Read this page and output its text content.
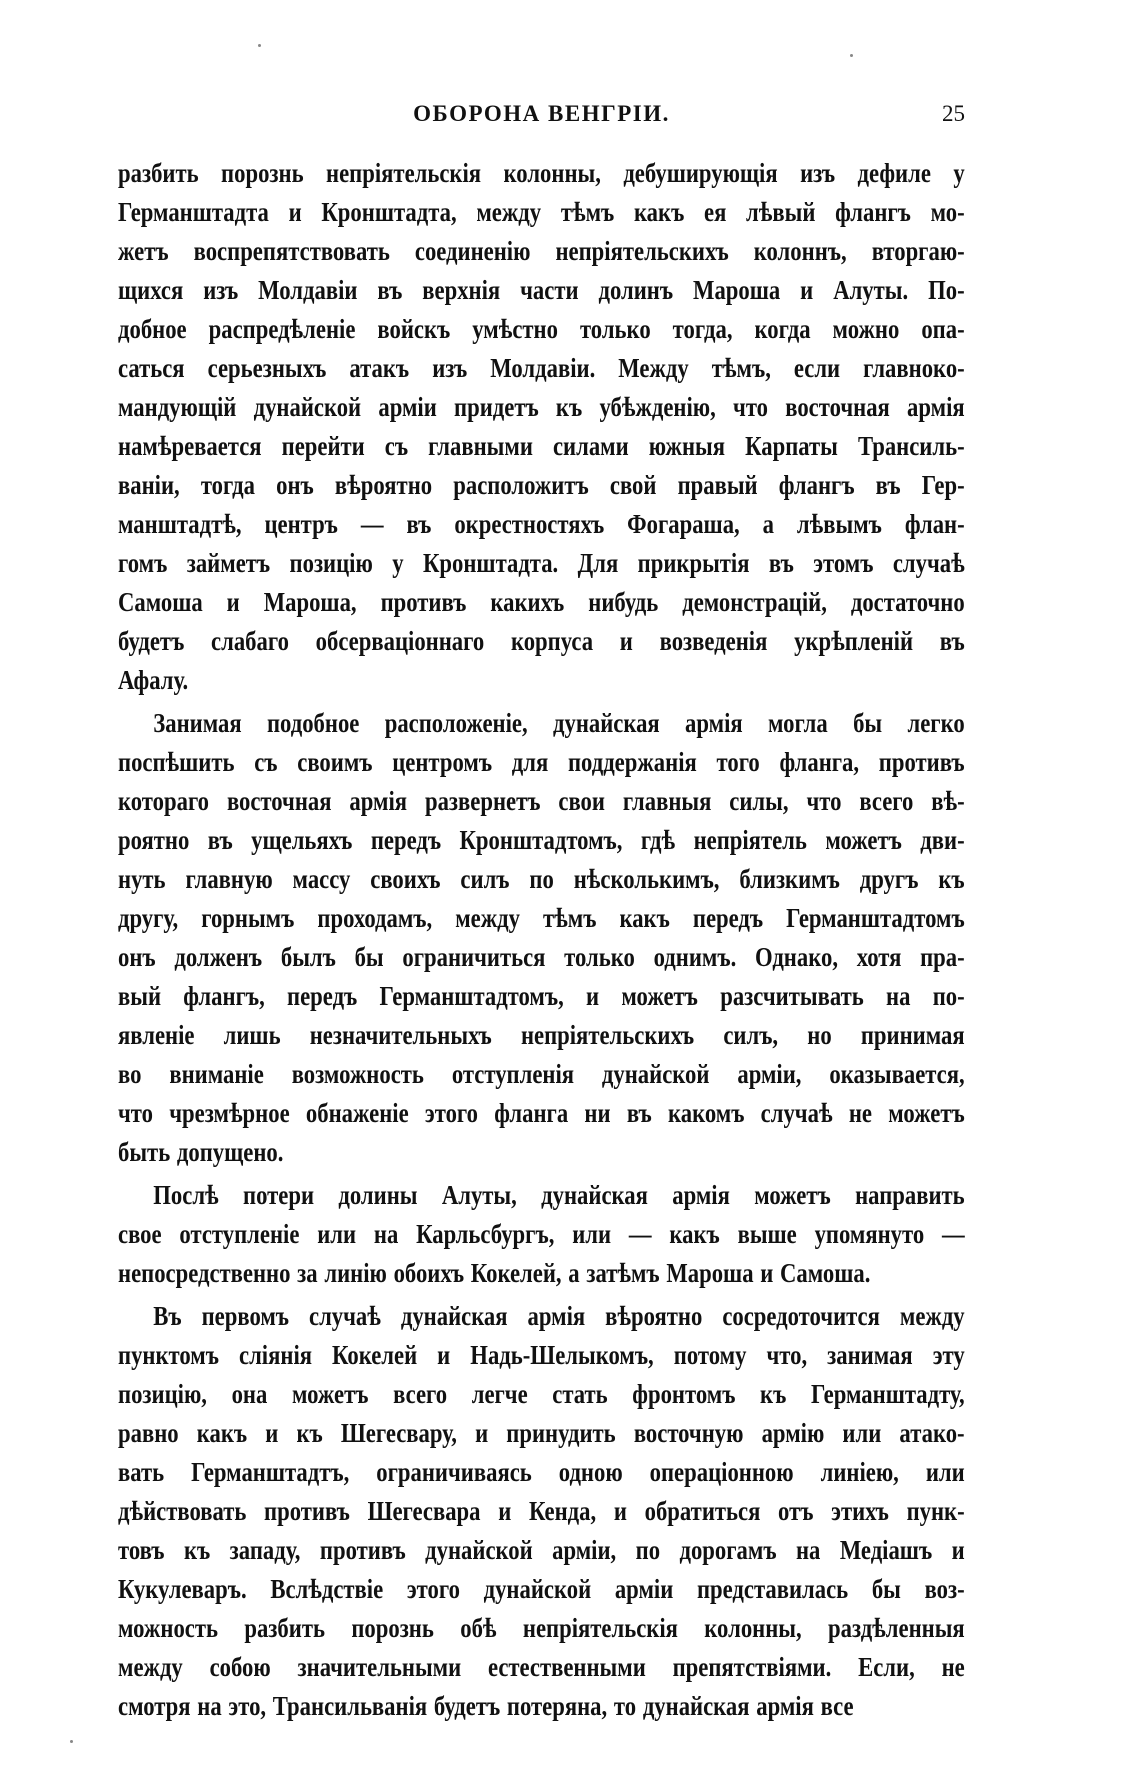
ОБОРОНА ВЕНГРІИ.	25
разбить порознь непріятельскія колонны, дебуширующія изъ дефиле у
Германштадта и Кронштадта, между тѣмъ какъ ея лѣвый флангъ мо-
жетъ воспрепятствовать соединенію непріятельскихъ колоннъ, вторгаю-
щихся изъ Молдавіи въ верхнія части долинъ Мароша и Алуты. По-
добное распредѣленіе войскъ умѣстно только тогда, когда можно опа-
саться серьезныхъ атакъ изъ Молдавіи. Между тѣмъ, если главноко-
мандующій дунайской арміи придетъ къ убѣжденію, что восточная армія
намѣревается перейти съ главными силами южныя Карпаты Трансиль-
ваніи, тогда онъ вѣроятно расположитъ свой правый флангъ въ Гер-
манштадтѣ, центръ — въ окрестностяхъ Фогараша, а лѣвымъ флан-
гомъ займетъ позицію у Кронштадта. Для прикрытія въ этомъ случаѣ
Самоша и Мароша, противъ какихъ нибудь демонстрацій, достаточно
будетъ слабаго обсерваціоннаго корпуса и возведенія укрѣпленій въ
Афалу.
Занимая подобное расположеніе, дунайская армія могла бы легко
поспѣшить съ своимъ центромъ для поддержанія того фланга, противъ
котораго восточная армія развернетъ свои главныя силы, что всего вѣ-
роятно въ ущельяхъ передъ Кронштадтомъ, гдѣ непріятель можетъ дви-
нуть главную массу своихъ силъ по нѣсколькимъ, близкимъ другъ къ
другу, горнымъ проходамъ, между тѣмъ какъ передъ Германштадтомъ
онъ долженъ былъ бы ограничиться только однимъ. Однако, хотя пра-
вый флангъ, передъ Германштадтомъ, и можетъ разсчитывать на по-
явленіе лишь незначительныхъ непріятельскихъ силъ, но принимая
во вниманіе возможность отступленія дунайской арміи, оказывается,
что чрезмѣрное обнаженіе этого фланга ни въ какомъ случаѣ не можетъ
быть допущено.
Послѣ потери долины Алуты, дунайская армія можетъ направить
свое отступленіе или на Карльсбургъ, или — какъ выше упомянуто —
непосредственно за линію обоихъ Кокелей, а затѣмъ Мароша и Самоша.
Въ первомъ случаѣ дунайская армія вѣроятно сосредоточится между
пунктомъ сліянія Кокелей и Надь-Шелыкомъ, потому что, занимая эту
позицію, она можетъ всего легче стать фронтомъ къ Германштадту,
равно какъ и къ Шегесвару, и принудить восточную армію или атако-
вать Германштадтъ, ограничиваясь одною операціонною линіею, или
дѣйствовать противъ Шегесвара и Кенда, и обратиться отъ этихъ пунк-
товъ къ западу, противъ дунайской арміи, по дорогамъ на Медіашъ и
Кукулеваръ. Вслѣдствіе этого дунайской арміи представилась бы воз-
можность разбить порознь обѣ непріятельскія колонны, раздѣленныя
между собою значительными естественными препятствіями. Если, не
смотря на это, Трансильванія будетъ потеряна, то дунайская армія все
